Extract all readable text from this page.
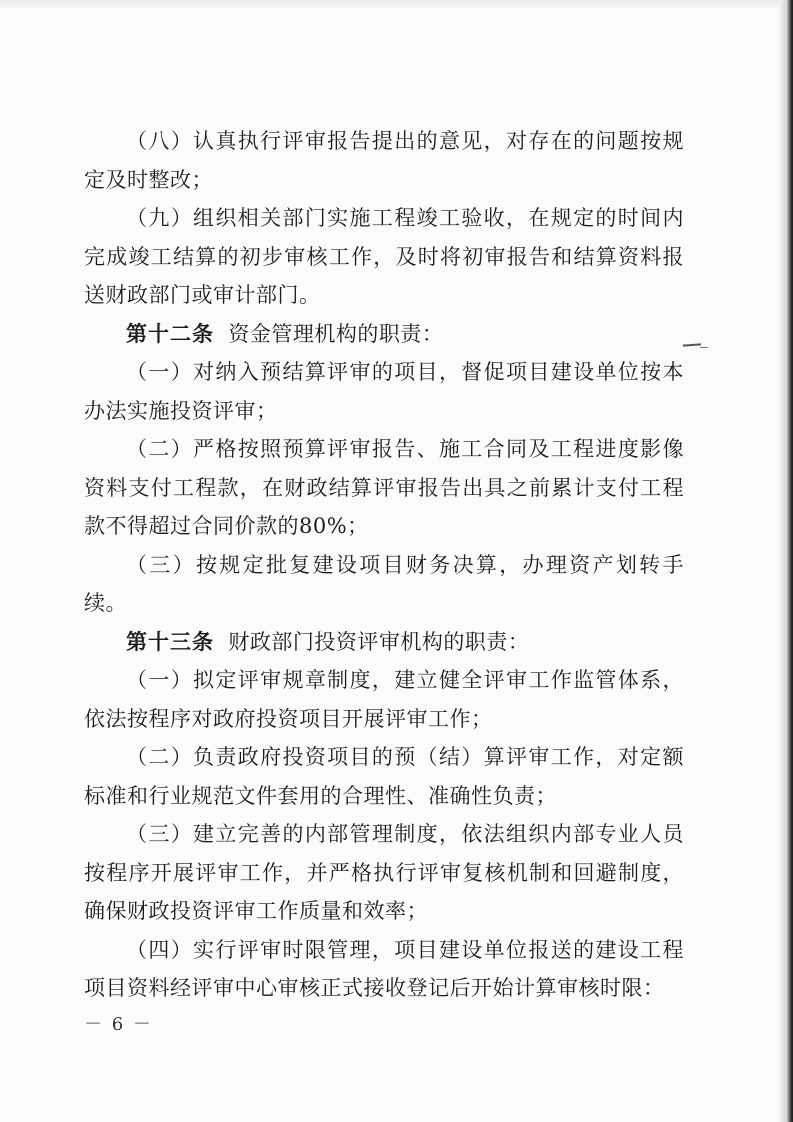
（八）认真执行评审报告提出的意见，对存在的问题按规定及时整改；

（九）组织相关部门实施工程竣工验收，在规定的时间内完成竣工结算的初步审核工作，及时将初审报告和结算资料报送财政部门或审计部门。

第十二条  资金管理机构的职责：

（一）对纳入预结算评审的项目，督促项目建设单位按本办法实施投资评审；

（二）严格按照预算评审报告、施工合同及工程进度影像资料支付工程款，在财政结算评审报告出具之前累计支付工程款不得超过合同价款的80%；

（三）按规定批复建设项目财务决算，办理资产划转手续。

第十三条  财政部门投资评审机构的职责：

（一）拟定评审规章制度，建立健全评审工作监管体系，依法按程序对政府投资项目开展评审工作；

（二）负责政府投资项目的预（结）算评审工作，对定额标准和行业规范文件套用的合理性、准确性负责；

（三）建立完善的内部管理制度，依法组织内部专业人员按程序开展评审工作，并严格执行评审复核机制和回避制度，确保财政投资评审工作质量和效率；

（四）实行评审时限管理，项目建设单位报送的建设工程项目资料经评审中心审核正式接收登记后开始计算审核时限：

－ 6 －
